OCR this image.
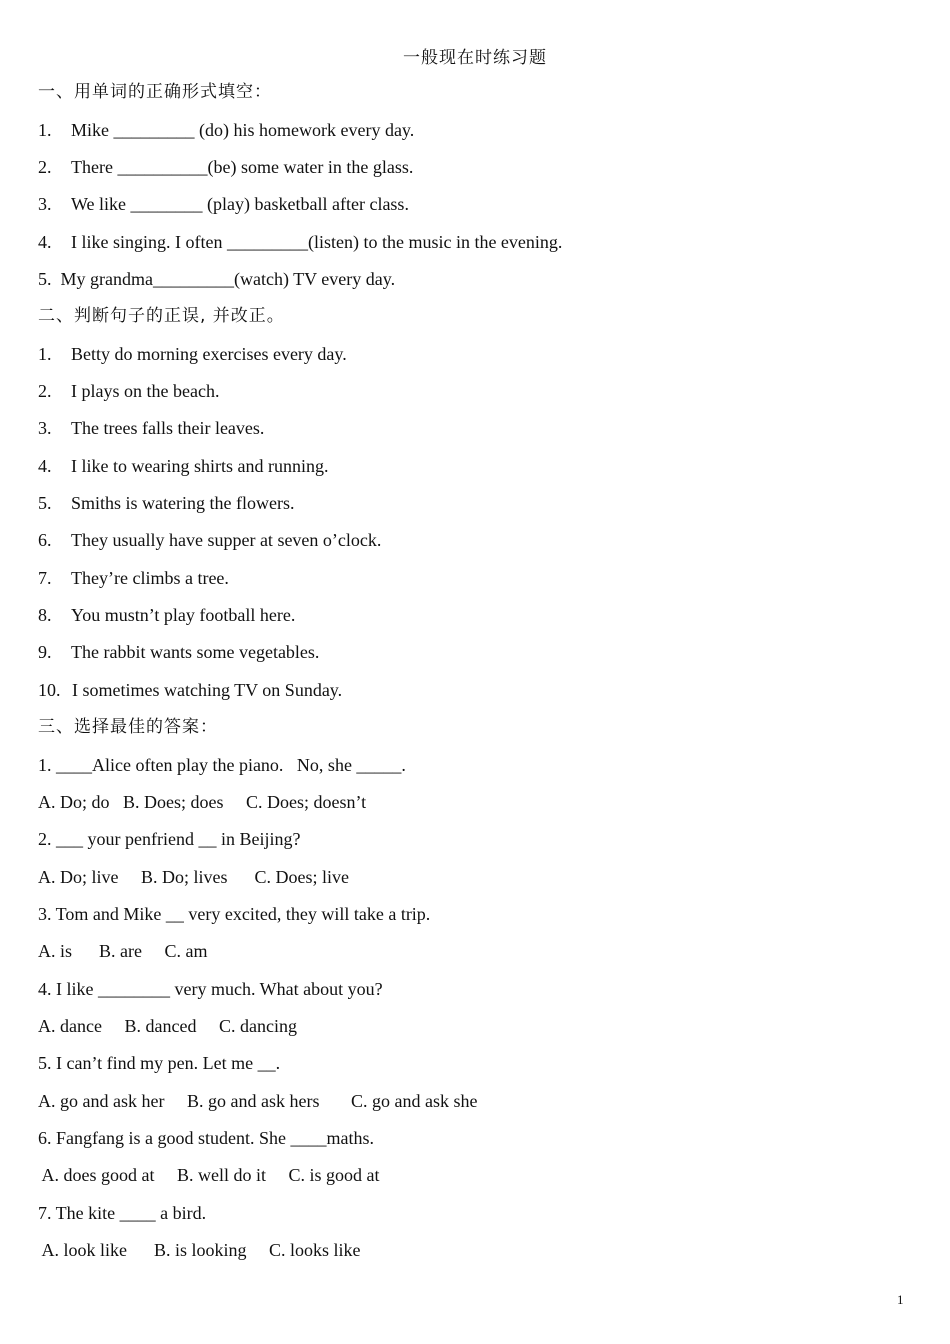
一般现在时练习题
一、用单词的正确形式填空：
1. Mike _________ (do) his homework every day.
2. There __________(be) some water in the glass.
3. We like ________ (play) basketball after class.
4. I like singing. I often _________(listen) to the music in the evening.
5. My grandma_________(watch) TV every day.
二、判断句子的正误, 并改正。
1. Betty do morning exercises every day.
2. I plays on the beach.
3. The trees falls their leaves.
4. I like to wearing shirts and running.
5. Smiths is watering the flowers.
6. They usually have supper at seven o’clock.
7. They’re climbs a tree.
8. You mustn’t play football here.
9. The rabbit wants some vegetables.
10. I sometimes watching TV on Sunday.
三、选择最佳的答案：
1. ____Alice often play the piano.   No, she _____.
A. Do; do B. Does; does C. Does; doesn’t
2. ___ your penfriend __ in Beijing?
A. Do; live B. Do; lives C. Does; live
3. Tom and Mike __ very excited, they will take a trip.
A. is B. are C. am
4. I like ________ very much. What about you?
A. dance B. danced C. dancing
5. I can’t find my pen. Let me __.
A. go and ask her B. go and ask hers C. go and ask she
6. Fangfang is a good student. She ____maths.
A. does good at B. well do it C. is good at
7. The kite ____ a bird.
A. look like B. is looking C. looks like
1
